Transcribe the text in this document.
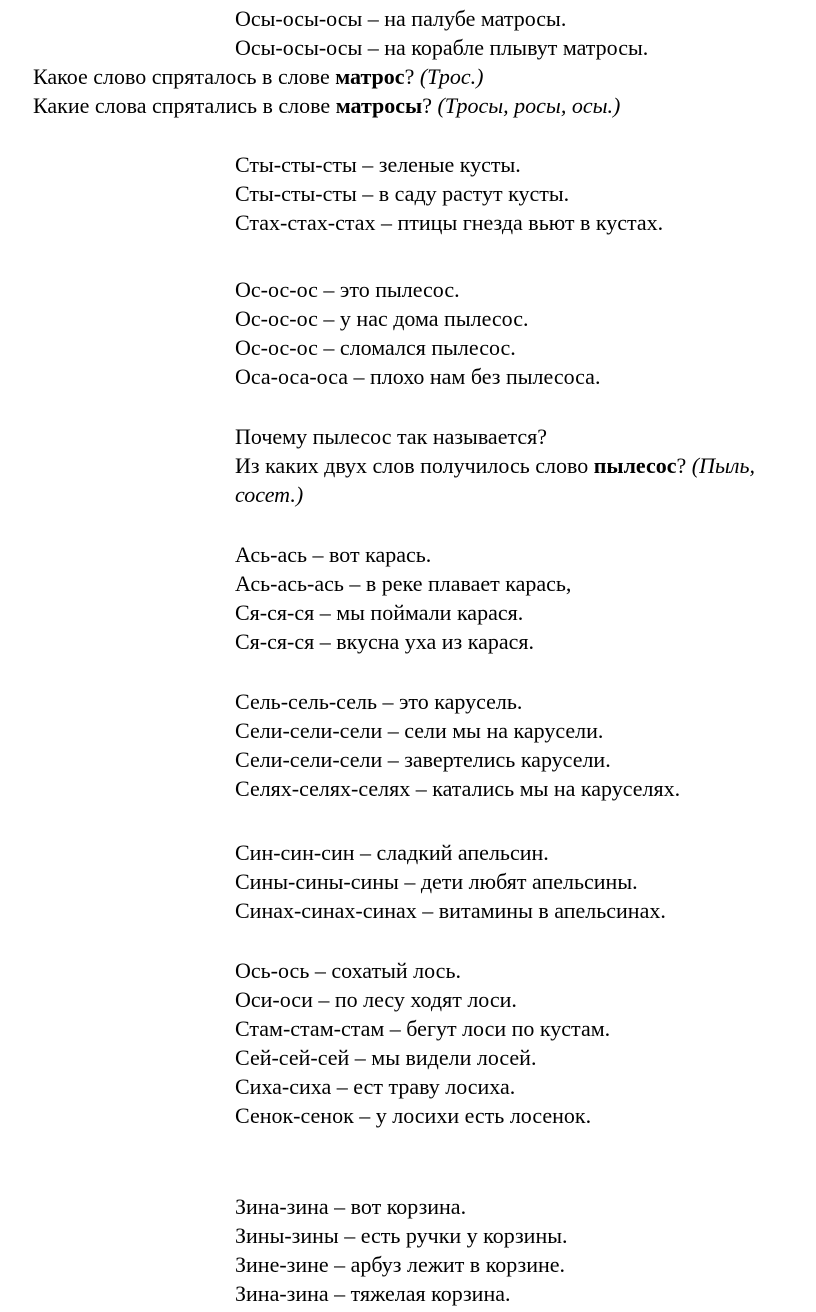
Осы-осы-осы – на палубе матросы.
Осы-осы-осы – на корабле плывут матросы.
Какое слово спряталось в слове матрос? (Трос.)
Какие слова спрятались в слове матросы? (Тросы, росы, осы.)
Сты-сты-сты – зеленые кусты.
Сты-сты-сты – в саду растут кусты.
Стах-стах-стах – птицы гнезда вьют в кустах.
Ос-ос-ос – это пылесос.
Ос-ос-ос – у нас дома пылесос.
Ос-ос-ос – сломался пылесос.
Оса-оса-оса – плохо нам без пылесоса.
Почему пылесос так называется?
Из каких двух слов получилось слово пылесос? (Пыль,
сосет.)
Ась-ась – вот карась.
Ась-ась-ась – в реке плавает карась,
Ся-ся-ся – мы поймали карася.
Ся-ся-ся – вкусна уха из карася.
Сель-сель-сель – это карусель.
Сели-сели-сели – сели мы на карусели.
Сели-сели-сели – завертелись карусели.
Селях-селях-селях – катались мы на каруселях.
Син-син-син – сладкий апельсин.
Сины-сины-сины – дети любят апельсины.
Синах-синах-синах – витамины в апельсинах.
Ось-ось – сохатый лось.
Оси-оси – по лесу ходят лоси.
Стам-стам-стам – бегут лоси по кустам.
Сей-сей-сей – мы видели лосей.
Сиха-сиха – ест траву лосиха.
Сенок-сенок – у лосихи есть лосенок.
Зина-зина – вот корзина.
Зины-зины – есть ручки у корзины.
Зине-зине – арбуз лежит в корзине.
Зина-зина – тяжелая корзина.
